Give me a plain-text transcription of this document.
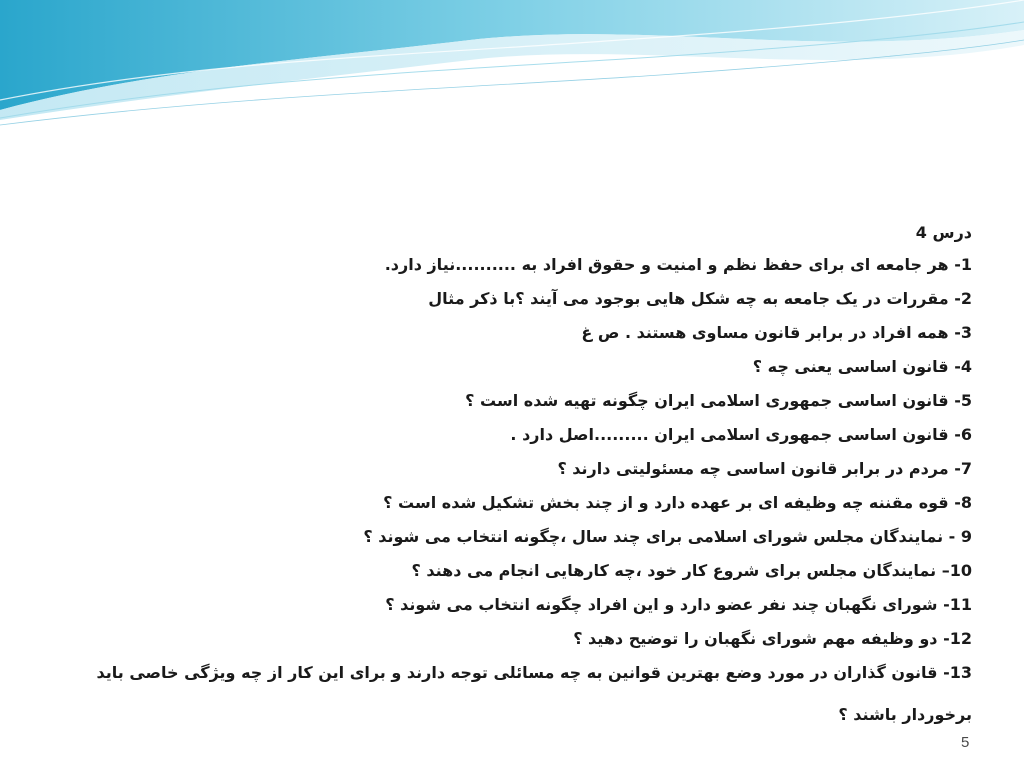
درس 4
1- هر جامعه ای برای حفظ نظم و امنیت و حقوق افراد به ..........نیاز دارد.
2- مقررات در یک جامعه به چه شکل هایی بوجود می آیند ؟با ذکر مثال
3- همه افراد در برابر قانون مساوی هستند . ص غ
4- قانون اساسی یعنی چه ؟
5- قانون اساسی جمهوری اسلامی ایران چگونه تهیه شده است ؟
6- قانون اساسی جمهوری اسلامی ایران .........اصل دارد .
7- مردم در برابر قانون اساسی چه مسئولیتی دارند ؟
8- قوه مقننه چه وظیفه ای بر عهده دارد و از چند بخش تشکیل شده است ؟
9 - نمایندگان مجلس شورای اسلامی برای چند سال ،چگونه انتخاب می شوند ؟
10– نمایندگان مجلس برای شروع کار خود ،چه کارهایی انجام می دهند ؟
11- شورای نگهبان چند نفر عضو دارد و این افراد چگونه انتخاب می شوند ؟
12- دو وظیفه مهم شورای نگهبان را توضیح دهید ؟
13- قانون گذاران در مورد وضع بهترین قوانین به چه مسائلی توجه دارند و برای این کار از چه ویژگی خاصی باید
برخوردار باشند ؟
5
